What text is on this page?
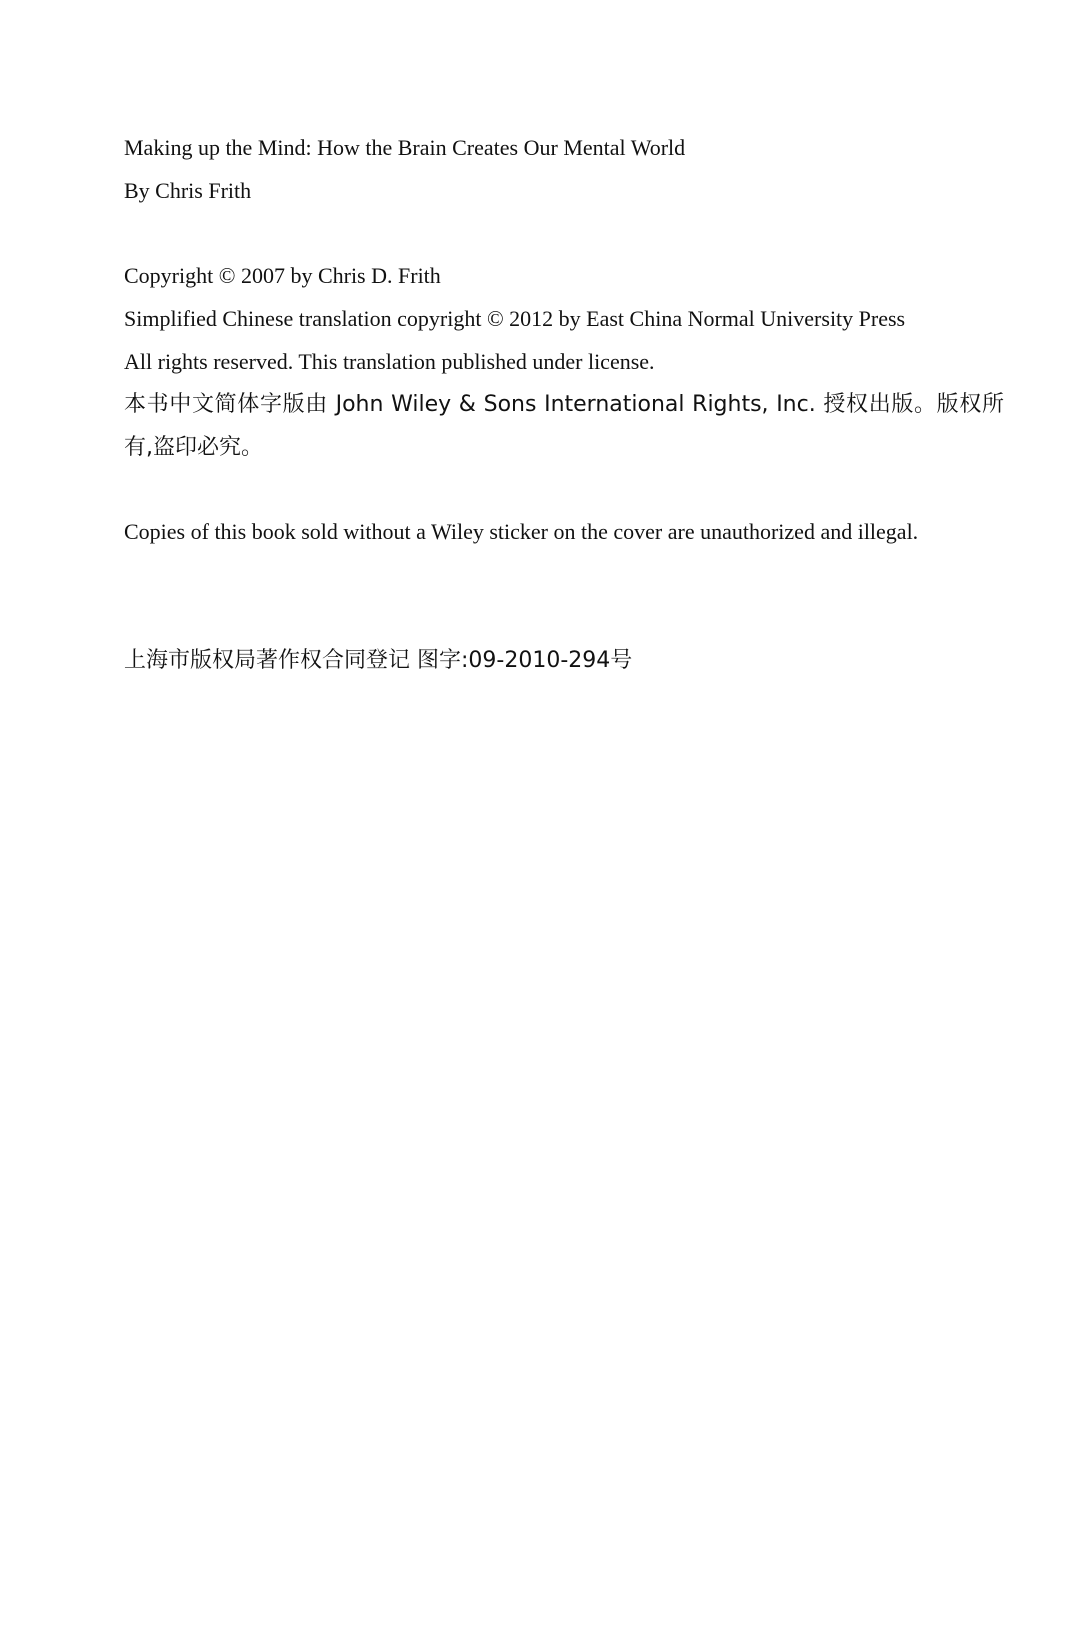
Making up the Mind: How the Brain Creates Our Mental World
By Chris Frith
Copyright © 2007 by Chris D. Frith
Simplified Chinese translation copyright © 2012 by East China Normal University Press
All rights reserved. This translation published under license.
本书中文简体字版由 John Wiley & Sons International Rights, Inc. 授权出版。版权所有,盗印必究。
Copies of this book sold without a Wiley sticker on the cover are unauthorized and illegal.
上海市版权局著作权合同登记 图字:09-2010-294号
